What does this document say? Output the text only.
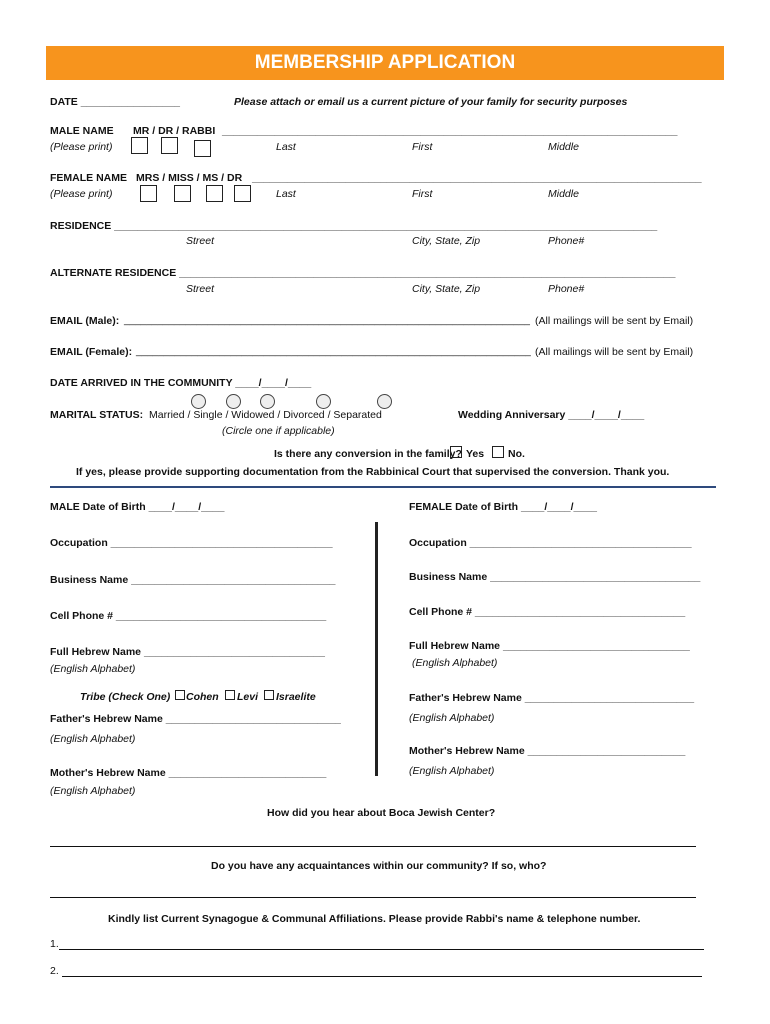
MEMBERSHIP APPLICATION
DATE _________________	Please attach or email us a current picture of your family for security purposes
MALE NAME
(Please print)
MR / DR / RABBI ______________________________________________________________________________
Last	First	Middle
FEMALE NAME
(Please print)
MRS / MISS / MS / DR _____________________________________________________________________________
Last	First	Middle
RESIDENCE _____________________________________________________________________________________________
Street	City, State, Zip	Phone#
ALTERNATE RESIDENCE _____________________________________________________________________________________
Street	City, State, Zip	Phone#
EMAIL (Male): _________________________________________________________________________ (All mailings will be sent by Email)
EMAIL (Female): _______________________________________________________________________ (All mailings will be sent by Email)
DATE ARRIVED IN THE COMMUNITY ____/____/____
MARITAL STATUS: Married / Single / Widowed / Divorced / Separated
(Circle one if applicable)
Wedding Anniversary ____/____/____
Is there any conversion in the family? Yes No.
If yes, please provide supporting documentation from the Rabbinical Court that supervised the conversion. Thank you.
MALE Date of Birth ____/____/____
Occupation ______________________________________
Business Name ___________________________________
Cell Phone # ____________________________________
Full Hebrew Name _______________________________
(English Alphabet)
Tribe (Check One) Cohen Levi Israelite
Father's Hebrew Name ______________________________
(English Alphabet)
Mother's Hebrew Name ___________________________
(English Alphabet)
FEMALE Date of Birth ____/____/____
Occupation ______________________________________
Business Name ____________________________________
Cell Phone # ____________________________________
Full Hebrew Name ________________________________
(English Alphabet)
Father's Hebrew Name _____________________________
(English Alphabet)
Mother's Hebrew Name ___________________________
(English Alphabet)
How did you hear about Boca Jewish Center?
Do you have any acquaintances within our community? If so, who?
Kindly list Current Synagogue & Communal Affiliations. Please provide Rabbi's name & telephone number.
1.
2.
